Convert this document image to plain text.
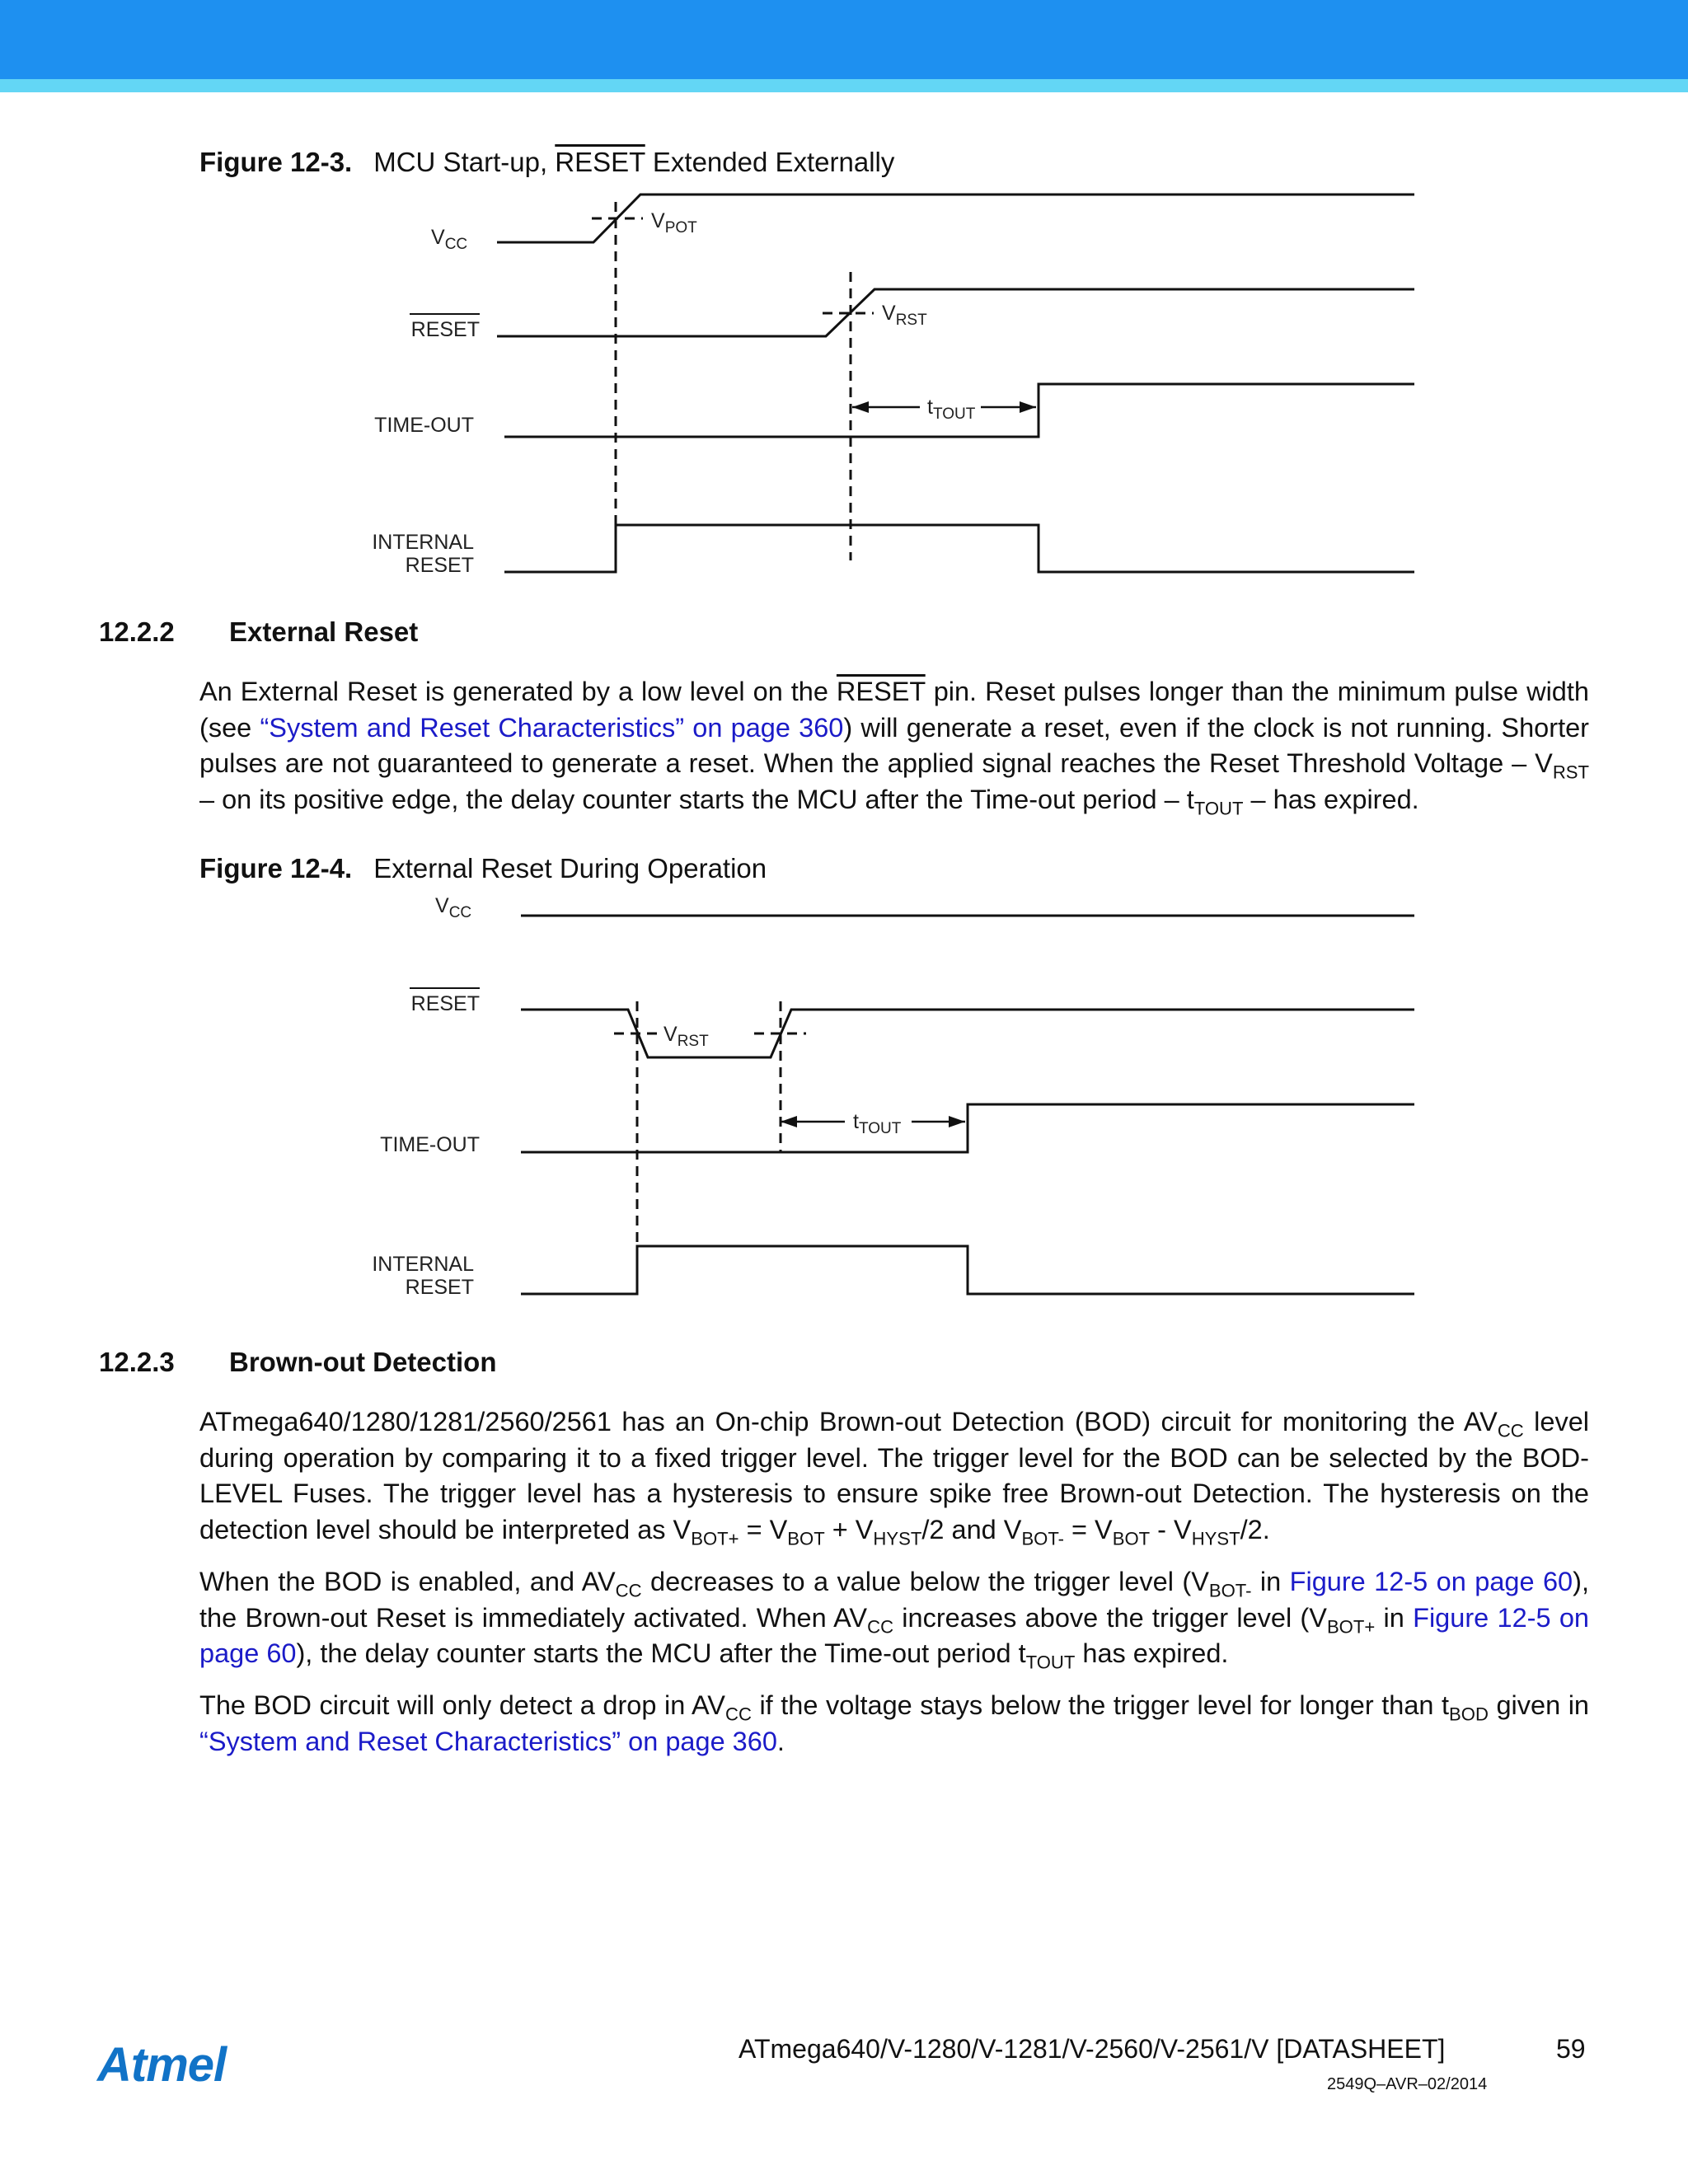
Figure 12-3. MCU Start-up, RESET Extended Externally
$V_{CC}$
RESET
TIME-OUT
INTERNAL
RESET
$V_{POT}$
$V_{RST}$
$t_{TOUT}$
12.2.2 External Reset
An External Reset is generated by a low level on the RESET pin. Reset pulses longer than the minimum pulse width (see “System and Reset Characteristics” on page 360) will generate a reset, even if the clock is not running. Shorter pulses are not guaranteed to generate a reset. When the applied signal reaches the Reset Threshold Voltage – $V_{RST}$ – on its positive edge, the delay counter starts the MCU after the Time-out period – $t_{TOUT}$ – has expired.
Figure 12-4. External Reset During Operation
$V_{CC}$
RESET
TIME-OUT
INTERNAL
RESET
$V_{RST}$
$t_{TOUT}$
12.2.3 Brown-out Detection
ATmega640/1280/1281/2560/2561 has an On-chip Brown-out Detection (BOD) circuit for monitoring the $AV_{CC}$ level during operation by comparing it to a fixed trigger level. The trigger level for the BOD can be selected by the BODLEVEL Fuses. The trigger level has a hysteresis to ensure spike free Brown-out Detection. The hysteresis on the detection level should be interpreted as $V_{BOT+} = V_{BOT} + V_{HYST}/2$ and $V_{BOT-} = V_{BOT} - V_{HYST}/2$.
When the BOD is enabled, and $AV_{CC}$ decreases to a value below the trigger level ($V_{BOT-}$ in Figure 12-5 on page 60), the Brown-out Reset is immediately activated. When $AV_{CC}$ increases above the trigger level ($V_{BOT+}$ in Figure 12-5 on page 60), the delay counter starts the MCU after the Time-out period $t_{TOUT}$ has expired.
The BOD circuit will only detect a drop in $AV_{CC}$ if the voltage stays below the trigger level for longer than $t_{BOD}$ given in “System and Reset Characteristics” on page 360.
Atmel	ATmega640/V-1280/V-1281/V-2560/V-2561/V [DATASHEET]	59
2549Q–AVR–02/2014
